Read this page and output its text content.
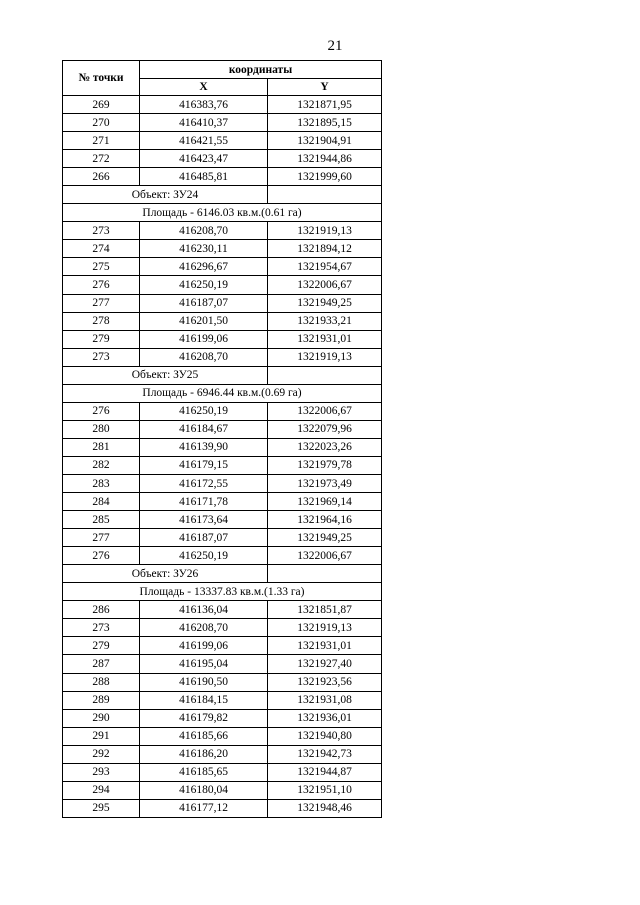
21
№ точки	координаты	
	X	Y
269	416383,76	1321871,95
270	416410,37	1321895,15
271	416421,55	1321904,91
272	416423,47	1321944,86
266	416485,81	1321999,60
Объект: ЗУ24		
Площадь - 6146.03 кв.м.(0.61 га)		
273	416208,70	1321919,13
274	416230,11	1321894,12
275	416296,67	1321954,67
276	416250,19	1322006,67
277	416187,07	1321949,25
278	416201,50	1321933,21
279	416199,06	1321931,01
273	416208,70	1321919,13
Объект: ЗУ25		
Площадь - 6946.44 кв.м.(0.69 га)		
276	416250,19	1322006,67
280	416184,67	1322079,96
281	416139,90	1322023,26
282	416179,15	1321979,78
283	416172,55	1321973,49
284	416171,78	1321969,14
285	416173,64	1321964,16
277	416187,07	1321949,25
276	416250,19	1322006,67
Объект: ЗУ26		
Площадь - 13337.83 кв.м.(1.33 га)		
286	416136,04	1321851,87
273	416208,70	1321919,13
279	416199,06	1321931,01
287	416195,04	1321927,40
288	416190,50	1321923,56
289	416184,15	1321931,08
290	416179,82	1321936,01
291	416185,66	1321940,80
292	416186,20	1321942,73
293	416185,65	1321944,87
294	416180,04	1321951,10
295	416177,12	1321948,46
